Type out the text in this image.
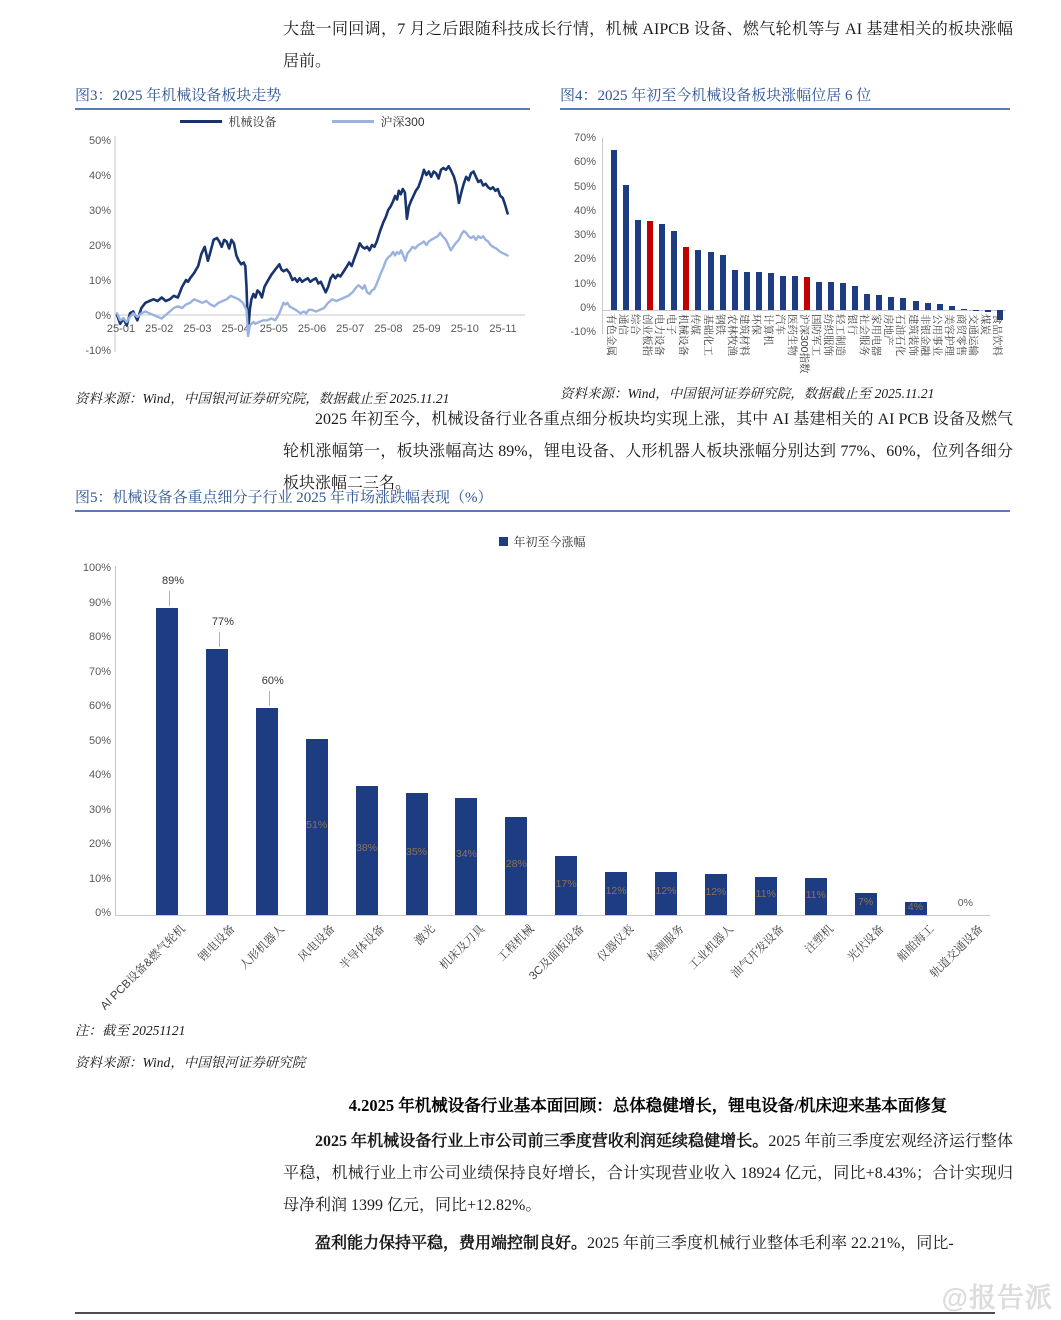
大盘一同回调，7 月之后跟随科技成长行情，机械 AIPCB 设备、燃气轮机等与 AI 基建相关的板块涨幅居前。

图3：2025 年机械设备板块走势
机械设备	沪深300
50%
40%
30%
20%
10%
0%
-10%
25-01 25-02 25-03 25-04 25-05 25-06 25-07 25-08 25-09 25-10 25-11
资料来源：Wind，中国银河证券研究院，数据截止至 2025.11.21
图4：2025 年初至今机械设备板块涨幅位居 6 位
70%
60%
50%
40%
30%
20%
10%
0%
-10% 有色金属 通信 综合 创业板指 电力设备 电子 机械设备 传媒 基础化工 钢铁 农林牧渔 建筑材料 环保 计算机 汽车 医药生物 沪深300指数 国防军工 纺织服饰 轻工制造 银行 社会服务 家用电器 房地产 石油石化 建筑装饰 非银金融 公用事业 美容护理 商贸零售 交通运输 煤炭 食品饮料
资料来源：Wind，中国银河证券研究院，数据截止至 2025.11.21

2025 年初至今，机械设备行业各重点细分板块均实现上涨，其中 AI 基建相关的 AI PCB 设备及燃气轮机涨幅第一，板块涨幅高达 89%，锂电设备、人形机器人板块涨幅分别达到 77%、60%，位列各细分板块涨幅二三名。

图5：机械设备各重点细分子行业 2025 年市场涨跌幅表现（%）
年初至今涨幅
100%
90%
80%
70%
60%
50%
40%
30%
20%
10%
0%
89%
AI PCB设备&燃气轮机
77%
锂电设备
60%
人形机器人
51%
风电设备
38%
半导体设备
35%
激光
34%
机床及刀具
28%
工程机械
17%
3C及面板设备
12%
仪器仪表
12%
检测服务
12%
工业机器人
11%
油气开发设备
11%
注塑机
7%
光伏设备
4%
船舶海工
0%
轨道交通设备
注：截至 20251121
资料来源：Wind，中国银河证券研究院
4.2025 年机械设备行业基本面回顾：总体稳健增长，锂电设备/机床迎来基本面修复

2025 年机械设备行业上市公司前三季度营收利润延续稳健增长。2025 年前三季度宏观经济运行整体平稳，机械行业上市公司业绩保持良好增长，合计实现营业收入 18924 亿元，同比+8.43%；合计实现归母净利润 1399 亿元，同比+12.82%。

盈利能力保持平稳，费用端控制良好。2025 年前三季度机械行业整体毛利率 22.21%，同比-

@报告派
